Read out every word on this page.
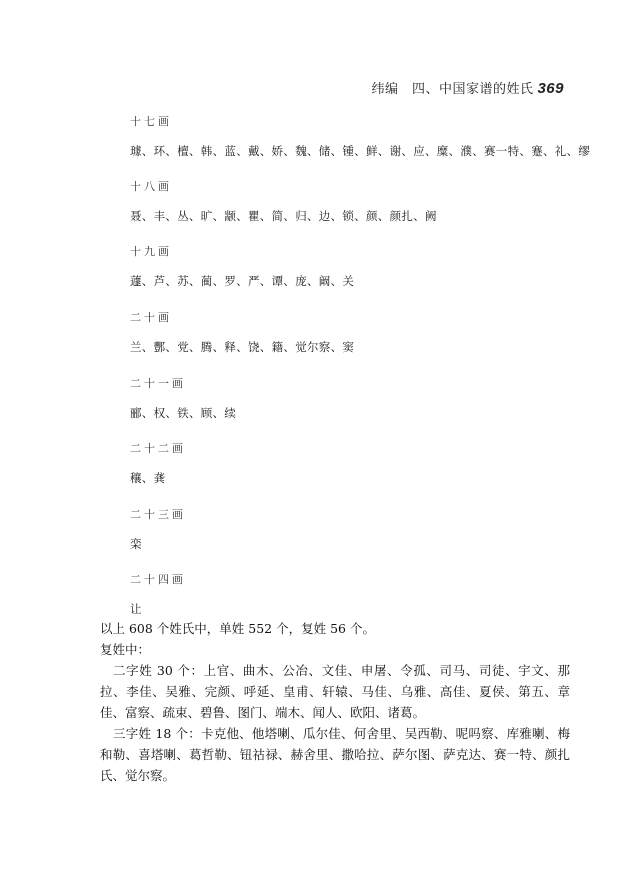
纬编　四、中国家谱的姓氏 369
十七画
璩、环、檀、韩、蓝、戴、娇、魏、储、锺、鲜、谢、应、糜、濮、赛一特、蹇、礼、缪
十八画
聂、丰、丛、旷、颛、瞿、简、归、边、锁、颜、颜扎、阙
十九画
蘧、芦、苏、蔺、罗、严、谭、庞、阚、关
二十画
兰、酆、党、腾、释、饶、籍、觉尔察、窦
二十一画
郦、权、铁、顾、续
二十二画
穰、龚
二十三画
栾
二十四画
让

以上 608 个姓氏中，单姓 552 个，复姓 56 个。

复姓中：

二字姓 30 个：上官、曲木、公冶、文佳、申屠、令孤、司马、司徒、宇文、那拉、李佳、吴雅、完颜、呼延、皇甫、轩辕、马佳、乌雅、高佳、夏侯、第五、章佳、富察、疏束、碧鲁、图门、端木、闻人、欧阳、诸葛。

三字姓 18 个：卡克他、他塔喇、瓜尔佳、何舍里、吴西勒、呢吗察、库雅喇、梅和勒、喜塔喇、葛哲勒、钮祜禄、赫舍里、撒哈拉、萨尔图、萨克达、赛一特、颜扎氏、觉尔察。
